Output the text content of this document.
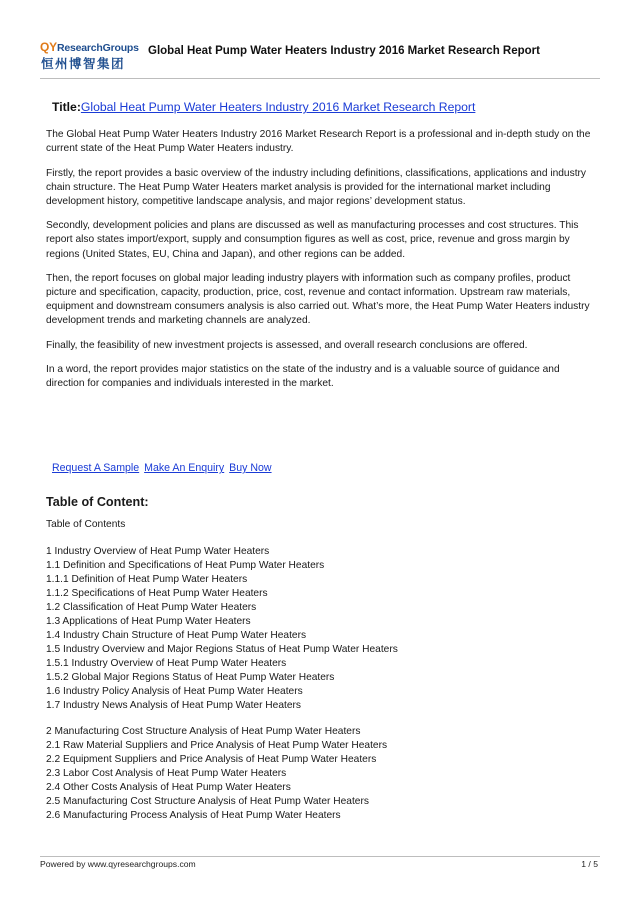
QYResearchGroups
恒州博智集团
Global Heat Pump Water Heaters Industry 2016 Market Research Report
Title:Global Heat Pump Water Heaters Industry 2016 Market Research Report

The Global Heat Pump Water Heaters Industry 2016 Market Research Report is a professional and in-depth study on the current state of the Heat Pump Water Heaters industry.

Firstly, the report provides a basic overview of the industry including definitions, classifications, applications and industry chain structure. The Heat Pump Water Heaters market analysis is provided for the international market including development history, competitive landscape analysis, and major regions’ development status.

Secondly, development policies and plans are discussed as well as manufacturing processes and cost structures. This report also states import/export, supply and consumption figures as well as cost, price, revenue and gross margin by regions (United States, EU, China and Japan), and other regions can be added.

Then, the report focuses on global major leading industry players with information such as company profiles, product picture and specification, capacity, production, price, cost, revenue and contact information. Upstream raw materials, equipment and downstream consumers analysis is also carried out. What’s more, the Heat Pump Water Heaters industry development trends and marketing channels are analyzed.

Finally, the feasibility of new investment projects is assessed, and overall research conclusions are offered.

In a word, the report provides major statistics on the state of the industry and is a valuable source of guidance and direction for companies and individuals interested in the market.

Request A Sample Make An Enquiry Buy Now
Table of Content:
Table of Contents
1 Industry Overview of Heat Pump Water Heaters
1.1 Definition and Specifications of Heat Pump Water Heaters
1.1.1 Definition of Heat Pump Water Heaters
1.1.2 Specifications of Heat Pump Water Heaters
1.2 Classification of Heat Pump Water Heaters
1.3 Applications of Heat Pump Water Heaters
1.4 Industry Chain Structure of Heat Pump Water Heaters
1.5 Industry Overview and Major Regions Status of Heat Pump Water Heaters
1.5.1 Industry Overview of Heat Pump Water Heaters
1.5.2 Global Major Regions Status of Heat Pump Water Heaters
1.6 Industry Policy Analysis of Heat Pump Water Heaters
1.7 Industry News Analysis of Heat Pump Water Heaters
2 Manufacturing Cost Structure Analysis of Heat Pump Water Heaters
2.1 Raw Material Suppliers and Price Analysis of Heat Pump Water Heaters
2.2 Equipment Suppliers and Price Analysis of Heat Pump Water Heaters
2.3 Labor Cost Analysis of Heat Pump Water Heaters
2.4 Other Costs Analysis of Heat Pump Water Heaters
2.5 Manufacturing Cost Structure Analysis of Heat Pump Water Heaters
2.6 Manufacturing Process Analysis of Heat Pump Water Heaters
Powered by www.qyresearchgroups.com	1 / 5
